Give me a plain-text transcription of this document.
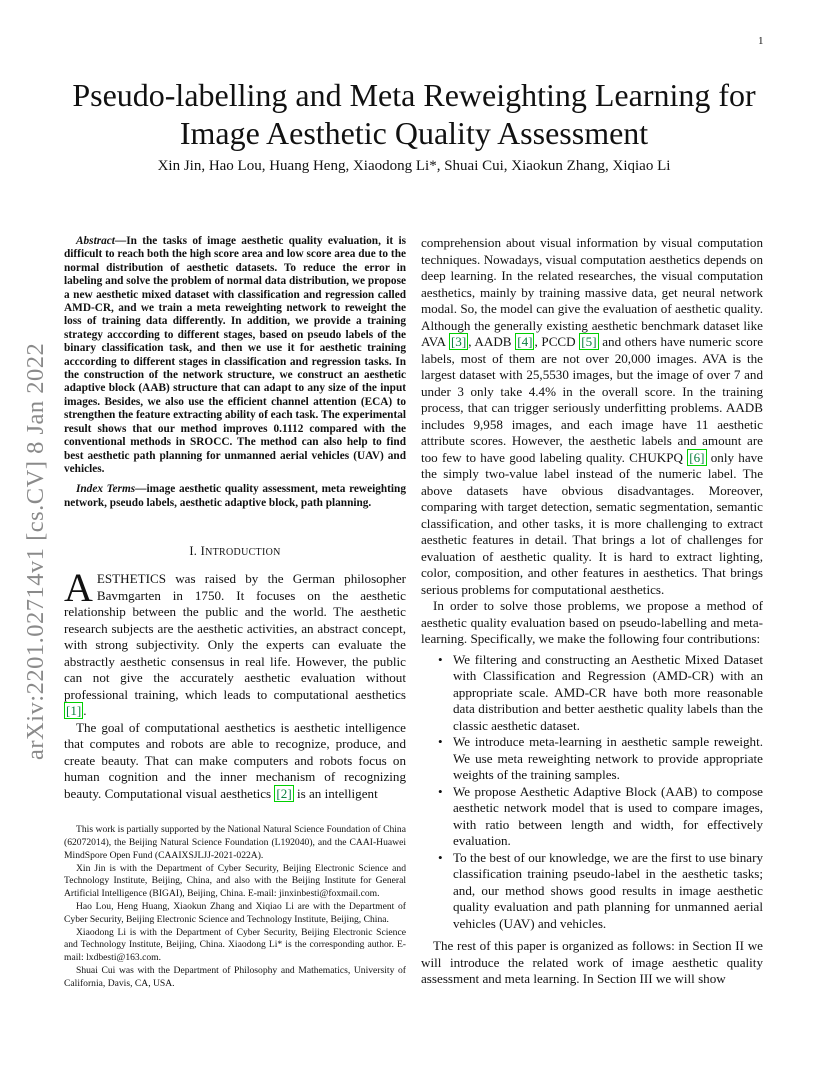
1
arXiv:2201.02714v1 [cs.CV] 8 Jan 2022
Pseudo-labelling and Meta Reweighting Learning for Image Aesthetic Quality Assessment
Xin Jin, Hao Lou, Huang Heng, Xiaodong Li*, Shuai Cui, Xiaokun Zhang, Xiqiao Li

Abstract—In the tasks of image aesthetic quality evaluation, it is difficult to reach both the high score area and low score area due to the normal distribution of aesthetic datasets. To reduce the error in labeling and solve the problem of normal data distribution, we propose a new aesthetic mixed dataset with classification and regression called AMD-CR, and we train a meta reweighting network to reweight the loss of training data differently. In addition, we provide a training strategy acccording to different stages, based on pseudo labels of the binary classification task, and then we use it for aesthetic training acccording to different stages in classification and regression tasks. In the construction of the network structure, we construct an aesthetic adaptive block (AAB) structure that can adapt to any size of the input images. Besides, we also use the efficient channel attention (ECA) to strengthen the feature extracting ability of each task. The experimental result shows that our method improves 0.1112 compared with the conventional methods in SROCC. The method can also help to find best aesthetic path planning for unmanned aerial vehicles (UAV) and vehicles.

Index Terms—image aesthetic quality assessment, meta reweighting network, pseudo labels, aesthetic adaptive block, path planning.

I. INTRODUCTION

AESTHETICS was raised by the German philosopher Bavmgarten in 1750. It focuses on the aesthetic relationship between the public and the world. The aesthetic research subjects are the aesthetic activities, an abstract concept, with strong subjectivity. Only the experts can evaluate the abstractly aesthetic consensus in real life. However, the public can not give the accurately aesthetic evaluation without professional training, which leads to computational aesthetics [1] .

The goal of computational aesthetics is aesthetic intelligence that computes and robots are able to recognize, produce, and create beauty. That can make computers and robots focus on human cognition and the inner mechanism of recognizing beauty. Computational visual aesthetics [2] is an intelligent

This work is partially supported by the National Natural Science Foundation of China (62072014), the Beijing Natural Science Foundation (L192040), and the CAAI-Huawei MindSpore Open Fund (CAAIXSJLJJ-2021-022A).

Xin Jin is with the Department of Cyber Security, Beijing Electronic Science and Technology Institute, Beijing, China, and also with the Beijing Institute for General Artificial Intelligence (BIGAI), Beijing, China. E-mail: jinxinbesti@foxmail.com.

Hao Lou, Heng Huang, Xiaokun Zhang and Xiqiao Li are with the Department of Cyber Security, Beijing Electronic Science and Technology Institute, Beijing, China.

Xiaodong Li is with the Department of Cyber Security, Beijing Electronic Science and Technology Institute, Beijing, China. Xiaodong Li* is the corresponding author. E-mail: lxdbesti@163.com.

Shuai Cui was with the Department of Philosophy and Mathematics, University of California, Davis, CA, USA.

comprehension about visual information by visual computation techniques. Nowadays, visual computation aesthetics depends on deep learning. In the related researches, the visual computation aesthetics, mainly by training massive data, get neural network modal. So, the model can give the evaluation of aesthetic quality. Although the generally existing aesthetic benchmark dataset like AVA [3] , AADB [4] , PCCD [5] and others have numeric score labels, most of them are not over 20,000 images. AVA is the largest dataset with 25,5530 images, but the image of over 7 and under 3 only take 4.4% in the overall score. In the training process, that can trigger seriously underfitting problems. AADB includes 9,958 images, and each image have 11 aesthetic attribute scores. However, the aesthetic labels and amount are too few to have good labeling quality. CHUKPQ [6] only have the simply two-value label instead of the numeric label. The above datasets have obvious disadvantages. Moreover, comparing with target detection, sematic segmentation, semantic classification, and other tasks, it is more challenging to extract aesthetic features in detail. That brings a lot of challenges for evaluation of aesthetic quality. It is hard to extract lighting, color, composition, and other features in aesthetics. That brings serious problems for computational aesthetics.

In order to solve those problems, we propose a method of aesthetic quality evaluation based on pseudo-labelling and meta-learning. Specifically, we make the following four contributions:

• We filtering and constructing an Aesthetic Mixed Dataset with Classification and Regression (AMD-CR) with an appropriate scale. AMD-CR have both more reasonable data distribution and better aesthetic quality labels than the classic aesthetic dataset.
• We introduce meta-learning in aesthetic sample reweight. We use meta reweighting network to provide appropriate weights of the training samples.
• We propose Aesthetic Adaptive Block (AAB) to compose aesthetic network model that is used to compare images, with ratio between length and width, for effectively evaluation.
• To the best of our knowledge, we are the first to use binary classification training pseudo-label in the aesthetic tasks; and, our method shows good results in image aesthetic quality evaluation and path planning for unmanned aerial vehicles (UAV) and vehicles.

The rest of this paper is organized as follows: in Section II we will introduce the related work of image aesthetic quality assessment and meta learning. In Section III we will show
